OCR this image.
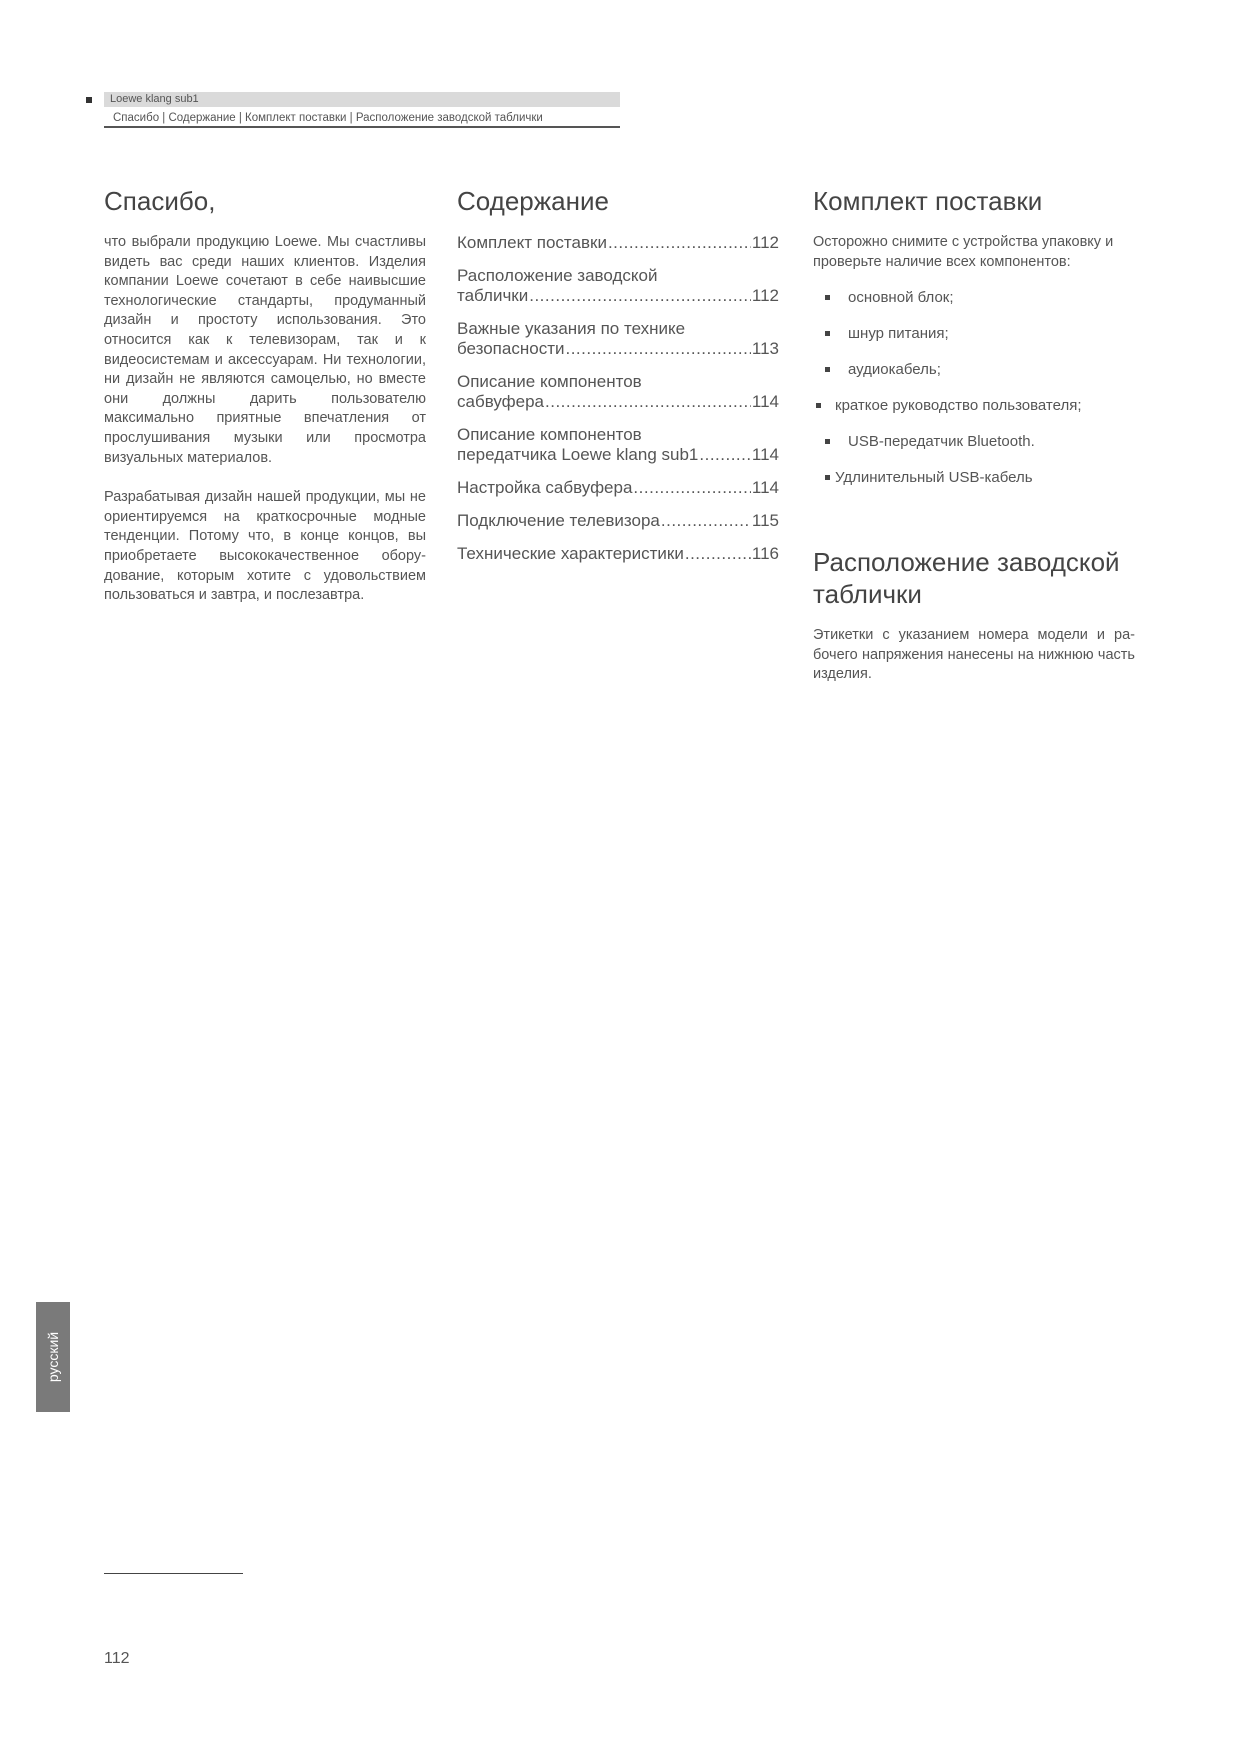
Loewe klang sub1
Спасибо | Содержание | Комплект поставки | Расположение заводской таблички
Спасибо,

что выбрали продукцию Loewe. Мы счастливы видеть вас среди наших клиентов. Изделия компании Loewe сочетают в себе наивысшие технологические стандарты, продуманный дизайн и простоту использования. Это относится как к телевизорам, так и к видеосистемам и аксессуарам. Ни технологии, ни дизайн не являются самоцелью, но вместе они должны дарить пользователю максимально приятные впечатления от прослушивания музыки или просмотра визуальных материалов.

Разрабатывая дизайн нашей продукции, мы не ориентируемся на краткосрочные модные тенденции. Потому что, в конце концов, вы приобретаете высококачественное оборудование, которым хотите с удовольствием пользоваться и завтра, и послезавтра.

Содержание
Комплект поставки .....	112
Расположение заводской
таблички .....	112
Важные указания по технике
безопасности .....	113
Описание компонентов
сабвуфера .....	114
Описание компонентов
передатчика Loewe klang sub1 .....	114
Настройка сабвуфера .....	114
Подключение телевизора .....	115
Технические характеристики .....	116
Комплект поставки

Осторожно снимите с устройства упаковку и проверьте наличие всех компонентов:

основной блок;
шнур питания;
аудиокабель;
краткое руководство пользователя;
USB-передатчик Bluetooth.
Удлинительный USB-кабель
Расположение заводской таблички

Этикетки с указанием номера модели и рабочего напряжения нанесены на нижнюю часть изделия.

русский
112
